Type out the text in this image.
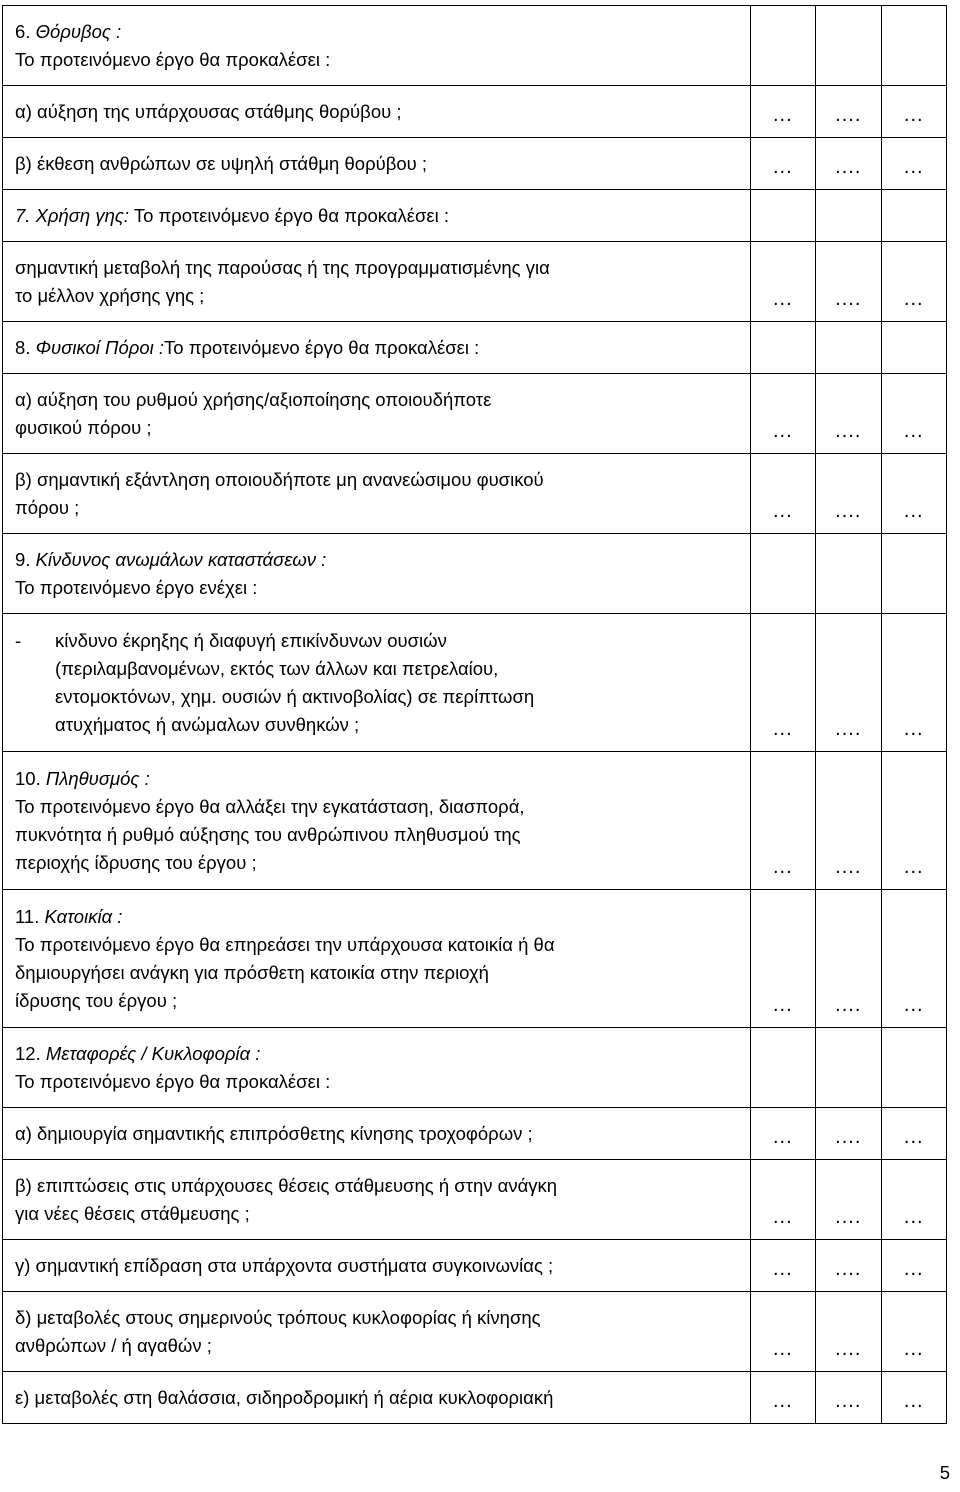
6. Θόρυβος :
Το προτεινόμενο έργο θα προκαλέσει :			

α) αύξηση της υπάρχουσας στάθμης θορύβου ;	...	....	...

β) έκθεση ανθρώπων σε υψηλή στάθμη θορύβου ;	...	....	...

7. Χρήση γης: Το προτεινόμενο έργο θα προκαλέσει :			

σημαντική μεταβολή της παρούσας ή της προγραμματισμένης για
το μέλλον χρήσης γης ;	...	....	...

8. Φυσικοί Πόροι :Το προτεινόμενο έργο θα προκαλέσει :			

α) αύξηση του ρυθμού χρήσης/αξιοποίησης οποιουδήποτε
φυσικού πόρου ;	...	....	...

β) σημαντική εξάντληση οποιουδήποτε μη ανανεώσιμου φυσικού
πόρου ;	...	....	...

9. Κίνδυνος ανωμάλων καταστάσεων :
Το προτεινόμενο έργο ενέχει :			

- κίνδυνο έκρηξης ή διαφυγή επικίνδυνων ουσιών
(περιλαμβανομένων, εκτός των άλλων και πετρελαίου,
εντομοκτόνων, χημ. ουσιών ή ακτινοβολίας) σε περίπτωση
ατυχήματος ή ανώμαλων συνθηκών ;	...	....	...

10. Πληθυσμός :
Το προτεινόμενο έργο θα αλλάξει την εγκατάσταση, διασπορά,
πυκνότητα ή ρυθμό αύξησης του ανθρώπινου πληθυσμού της
περιοχής ίδρυσης του έργου ;	...	....	...

11. Κατοικία :
Το προτεινόμενο έργο θα επηρεάσει την υπάρχουσα κατοικία ή θα
δημιουργήσει ανάγκη για πρόσθετη κατοικία στην περιοχή
ίδρυσης του έργου ;	...	....	...

12. Μεταφορές / Κυκλοφορία :
Το προτεινόμενο έργο θα προκαλέσει :			

α) δημιουργία σημαντικής επιπρόσθετης κίνησης τροχοφόρων ;	...	....	...

β) επιπτώσεις στις υπάρχουσες θέσεις στάθμευσης ή στην ανάγκη
για νέες θέσεις στάθμευσης ;	...	....	...

γ) σημαντική επίδραση στα υπάρχοντα συστήματα συγκοινωνίας ;	...	....	...

δ) μεταβολές στους σημερινούς τρόπους κυκλοφορίας ή κίνησης
ανθρώπων / ή αγαθών ;	...	....	...

ε) μεταβολές στη θαλάσσια, σιδηροδρομική ή αέρια κυκλοφοριακή	...	....	...
5
